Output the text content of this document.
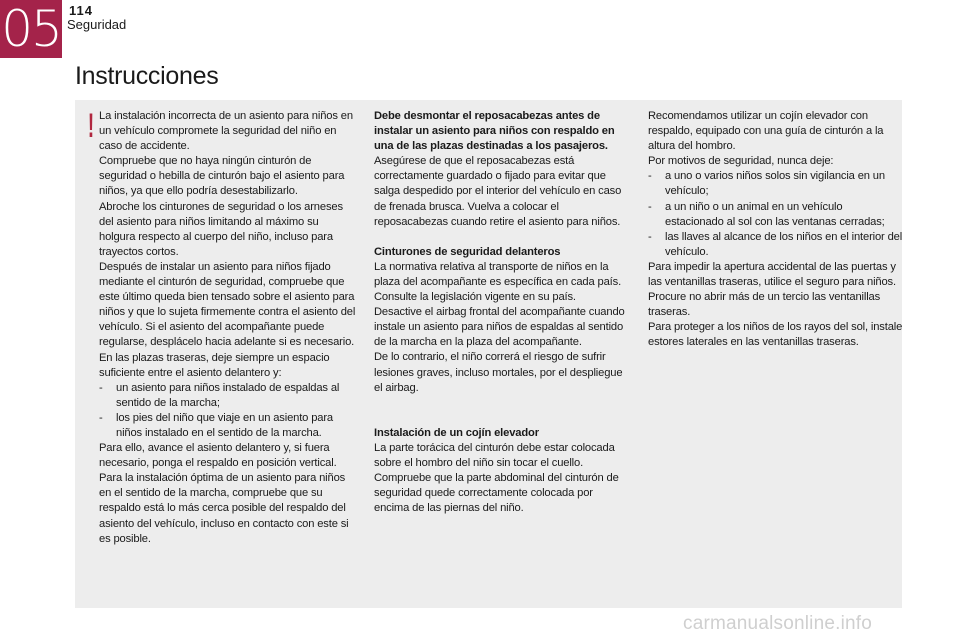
05 114
Seguridad
Instrucciones
! La instalación incorrecta de un asiento para niños en un vehículo compromete la seguridad del niño en caso de accidente.

Compruebe que no haya ningún cinturón de seguridad o hebilla de cinturón bajo el asiento para niños, ya que ello podría desestabilizarlo.

Abroche los cinturones de seguridad o los arneses del asiento para niños limitando al máximo su holgura respecto al cuerpo del niño, incluso para trayectos cortos.

Después de instalar un asiento para niños fijado mediante el cinturón de seguridad, compruebe que este último queda bien tensado sobre el asiento para niños y que lo sujeta firmemente contra el asiento del vehículo. Si el asiento del acompañante puede regularse, desplácelo hacia adelante si es necesario.

En las plazas traseras, deje siempre un espacio suficiente entre el asiento delantero y:

- un asiento para niños instalado de espaldas al sentido de la marcha;
- los pies del niño que viaje en un asiento para niños instalado en el sentido de la marcha.

Para ello, avance el asiento delantero y, si fuera necesario, ponga el respaldo en posición vertical.

Para la instalación óptima de un asiento para niños en el sentido de la marcha, compruebe que su respaldo está lo más cerca posible del respaldo del asiento del vehículo, incluso en contacto con este si es posible.

Debe desmontar el reposacabezas antes de instalar un asiento para niños con respaldo en una de las plazas destinadas a los pasajeros.

Asegúrese de que el reposacabezas está correctamente guardado o fijado para evitar que salga despedido por el interior del vehículo en caso de frenada brusca. Vuelva a colocar el reposacabezas cuando retire el asiento para niños.

Cinturones de seguridad delanteros

La normativa relativa al transporte de niños en la plaza del acompañante es específica en cada país. Consulte la legislación vigente en su país.

Desactive el airbag frontal del acompañante cuando instale un asiento para niños de espaldas al sentido de la marcha en la plaza del acompañante.

De lo contrario, el niño correrá el riesgo de sufrir lesiones graves, incluso mortales, por el despliegue el airbag.

Instalación de un cojín elevador

La parte torácica del cinturón debe estar colocada sobre el hombro del niño sin tocar el cuello.

Compruebe que la parte abdominal del cinturón de seguridad quede correctamente colocada por encima de las piernas del niño.

Recomendamos utilizar un cojín elevador con respaldo, equipado con una guía de cinturón a la altura del hombro.

Por motivos de seguridad, nunca deje:

- a uno o varios niños solos sin vigilancia en un vehículo;
- a un niño o un animal en un vehículo estacionado al sol con las ventanas cerradas;
- las llaves al alcance de los niños en el interior del vehículo.

Para impedir la apertura accidental de las puertas y las ventanillas traseras, utilice el seguro para niños.

Procure no abrir más de un tercio las ventanillas traseras.

Para proteger a los niños de los rayos del sol, instale estores laterales en las ventanillas traseras.

carmanualsonline.info
